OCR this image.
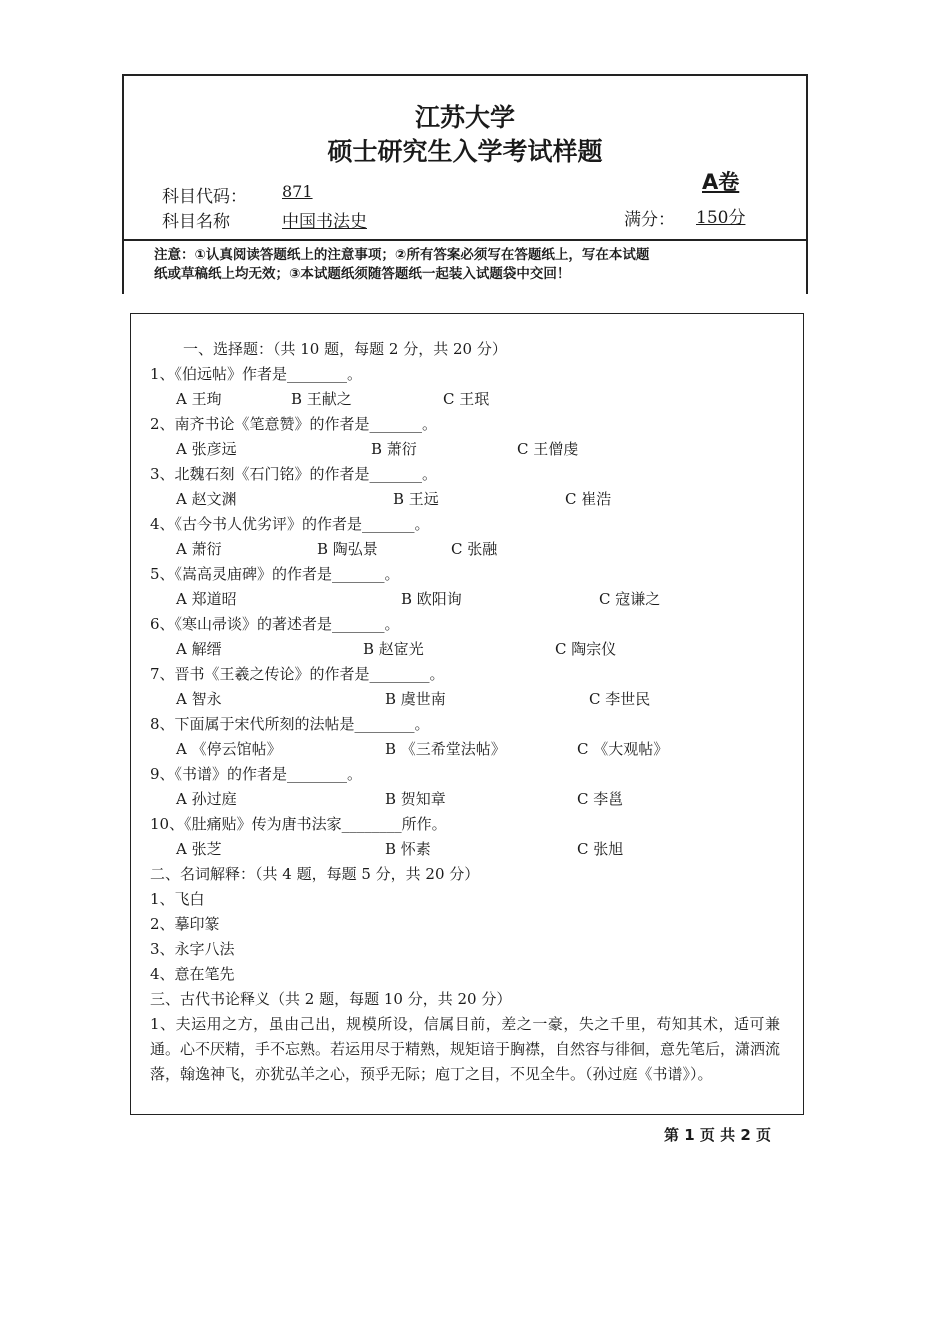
江苏大学
硕士研究生入学考试样题
A卷
科目代码： 871
科目名称	中国书法史	满分： 150分
注意：①认真阅读答题纸上的注意事项；②所有答案必须写在答题纸上，写在本试题
纸或草稿纸上均无效；③本试题纸须随答题纸一起装入试题袋中交回！
一、选择题：（共 10 题，每题 2 分，共 20 分）
1、《伯远帖》作者是________。
A 王珣	B 王献之	C 王珉
2、南齐书论《笔意赞》的作者是_______。
A 张彦远	B 萧衍	C 王僧虔
3、北魏石刻《石门铭》的作者是_______。
A 赵文渊	B 王远	C 崔浩
4、《古今书人优劣评》的作者是_______。
A 萧衍	B 陶弘景	C 张融
5、《嵩高灵庙碑》的作者是_______。
A 郑道昭	B 欧阳询	C 寇谦之
6、《寒山帚谈》的著述者是_______。
A 解缙	B 赵宧光	C 陶宗仪
7、晋书《王羲之传论》的作者是________。
A 智永	B 虞世南	C 李世民
8、下面属于宋代所刻的法帖是________。
A 《停云馆帖》	B 《三希堂法帖》	C 《大观帖》
9、《书谱》的作者是________。
A 孙过庭	B 贺知章	C 李邕
10、《肚痛贴》传为唐书法家________所作。
A 张芝	B 怀素	C 张旭
二、名词解释：（共 4 题，每题 5 分，共 20 分）
1、飞白
2、摹印篆
3、永字八法
4、意在笔先
三、古代书论释义（共 2 题，每题 10 分，共 20 分）
1、夫运用之方，虽由己出，规模所设，信属目前，差之一豪，失之千里，苟知其术，适可兼通。心不厌精，手不忘熟。若运用尽于精熟，规矩谙于胸襟，自然容与徘徊，意先笔后，潇洒流落，翰逸神飞，亦犹弘羊之心，预乎无际；庖丁之目，不见全牛。（孙过庭《书谱》）。
第 1 页 共 2 页
